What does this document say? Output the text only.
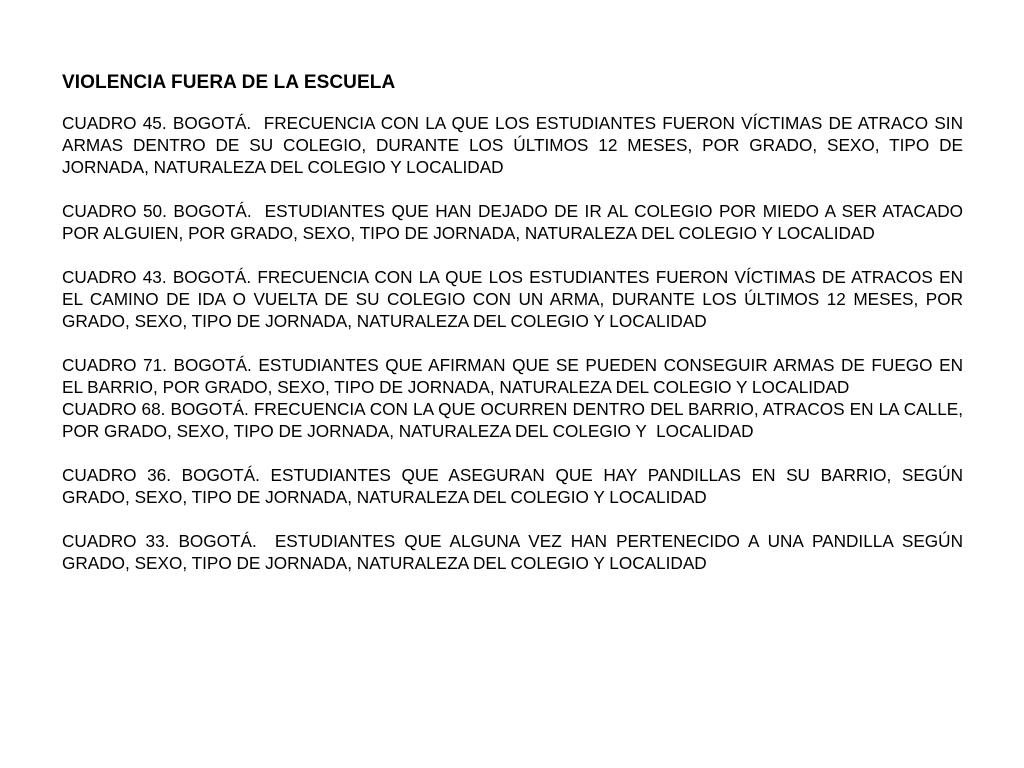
VIOLENCIA FUERA DE LA ESCUELA

CUADRO 45. BOGOTÁ.  FRECUENCIA CON LA QUE LOS ESTUDIANTES FUERON VÍCTIMAS DE ATRACO SIN ARMAS DENTRO DE SU COLEGIO, DURANTE LOS ÚLTIMOS 12 MESES, POR GRADO, SEXO, TIPO DE JORNADA, NATURALEZA DEL COLEGIO Y LOCALIDAD

CUADRO 50. BOGOTÁ.  ESTUDIANTES QUE HAN DEJADO DE IR AL COLEGIO POR MIEDO A SER ATACADO POR ALGUIEN, POR GRADO, SEXO, TIPO DE JORNADA, NATURALEZA DEL COLEGIO Y LOCALIDAD

CUADRO 43. BOGOTÁ. FRECUENCIA CON LA QUE LOS ESTUDIANTES FUERON VÍCTIMAS DE ATRACOS EN EL CAMINO DE IDA O VUELTA DE SU COLEGIO CON UN ARMA, DURANTE LOS ÚLTIMOS 12 MESES, POR GRADO, SEXO, TIPO DE JORNADA, NATURALEZA DEL COLEGIO Y LOCALIDAD

CUADRO 71. BOGOTÁ. ESTUDIANTES QUE AFIRMAN QUE SE PUEDEN CONSEGUIR ARMAS DE FUEGO EN EL BARRIO, POR GRADO, SEXO, TIPO DE JORNADA, NATURALEZA DEL COLEGIO Y LOCALIDAD

CUADRO 68. BOGOTÁ. FRECUENCIA CON LA QUE OCURREN DENTRO DEL BARRIO, ATRACOS EN LA CALLE, POR GRADO, SEXO, TIPO DE JORNADA, NATURALEZA DEL COLEGIO Y  LOCALIDAD

CUADRO 36. BOGOTÁ. ESTUDIANTES QUE ASEGURAN QUE HAY PANDILLAS EN SU BARRIO, SEGÚN GRADO, SEXO, TIPO DE JORNADA, NATURALEZA DEL COLEGIO Y LOCALIDAD

CUADRO 33. BOGOTÁ.  ESTUDIANTES QUE ALGUNA VEZ HAN PERTENECIDO A UNA PANDILLA SEGÚN GRADO, SEXO, TIPO DE JORNADA, NATURALEZA DEL COLEGIO Y LOCALIDAD
